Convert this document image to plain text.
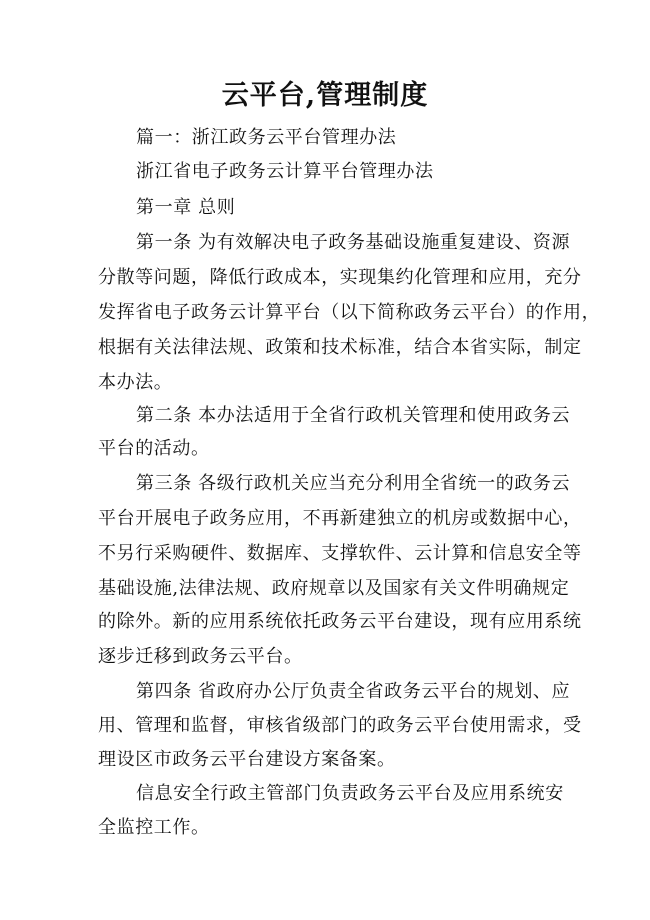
云平台,管理制度
篇一：浙江政务云平台管理办法
浙江省电子政务云计算平台管理办法
第一章 总则
第一条 为有效解决电子政务基础设施重复建设、资源
分散等问题，降低行政成本，实现集约化管理和应用，充分
发挥省电子政务云计算平台（以下简称政务云平台）的作用，
根据有关法律法规、政策和技术标准，结合本省实际，制定
本办法。
第二条 本办法适用于全省行政机关管理和使用政务云
平台的活动。
第三条 各级行政机关应当充分利用全省统一的政务云
平台开展电子政务应用，不再新建独立的机房或数据中心，
不另行采购硬件、数据库、支撑软件、云计算和信息安全等
基础设施,法律法规、政府规章以及国家有关文件明确规定
的除外。新的应用系统依托政务云平台建设，现有应用系统
逐步迁移到政务云平台。
第四条 省政府办公厅负责全省政务云平台的规划、应
用、管理和监督，审核省级部门的政务云平台使用需求，受
理设区市政务云平台建设方案备案。
信息安全行政主管部门负责政务云平台及应用系统安
全监控工作。
